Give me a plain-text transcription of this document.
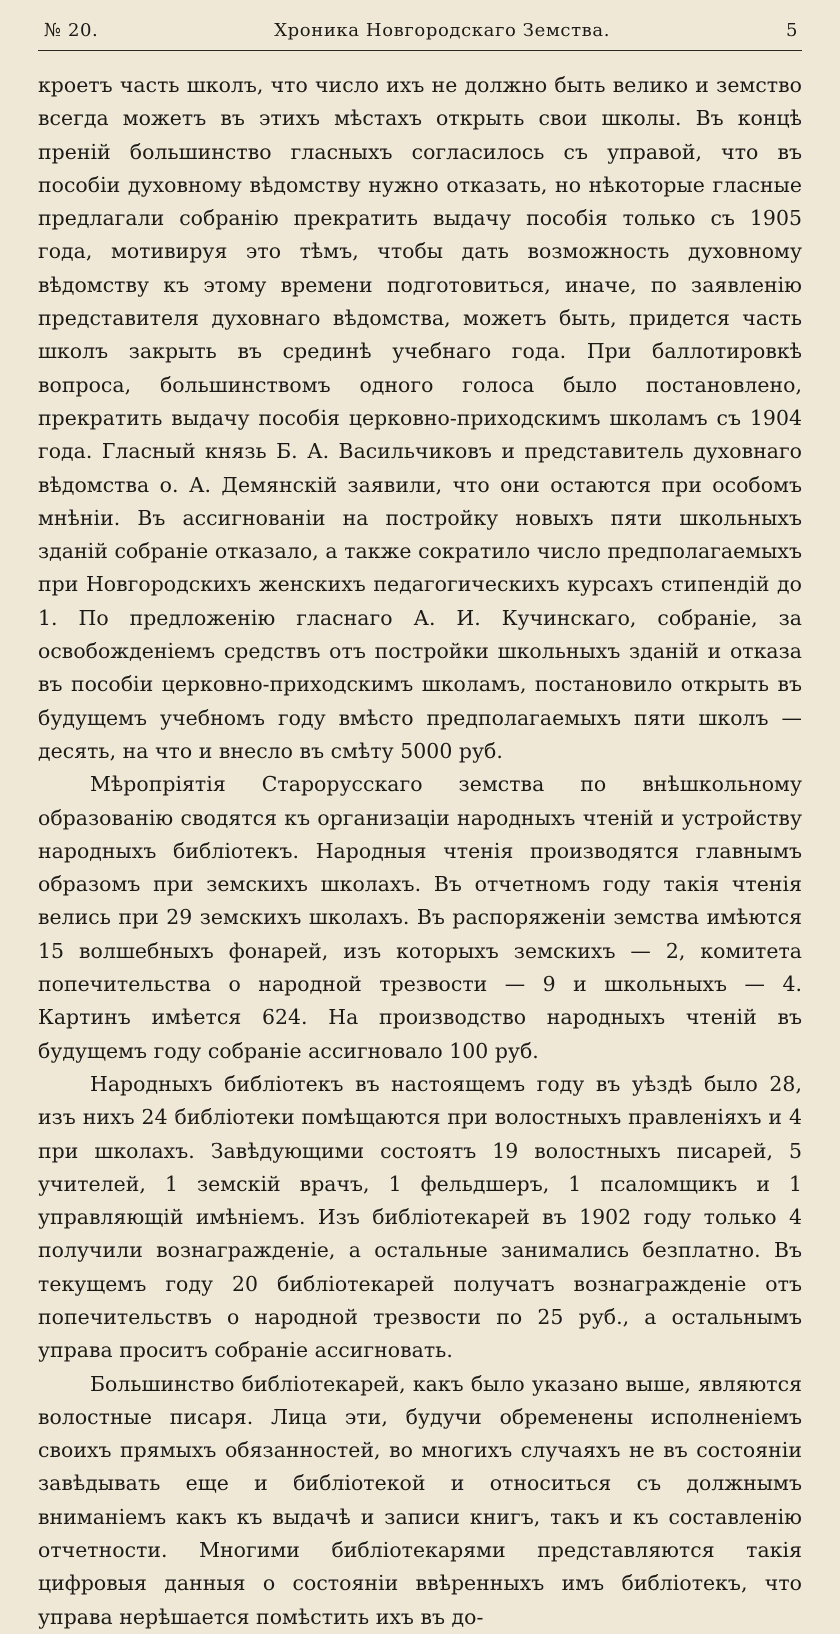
№ 20.	Хроника Новгородскаго Земства.	5

кроетъ часть школъ, что число ихъ не должно быть велико и земство всегда можетъ въ этихъ мѣстахъ открыть свои школы. Въ концѣ преній большинство гласныхъ согласилось съ управой, что въ пособіи духовному вѣдомству нужно отказать, но нѣкоторые гласные предлагали собранію прекратить выдачу пособія только съ 1905 года, мотивируя это тѣмъ, чтобы дать возможность духовному вѣдомству къ этому времени подготовиться, иначе, по заявленію представителя духовнаго вѣдомства, можетъ быть, придется часть школъ закрыть въ срединѣ учебнаго года. При баллотировкѣ вопроса, большинствомъ одного голоса было постановлено, прекратить выдачу пособія церковно-приходскимъ школамъ съ 1904 года. Гласный князь Б. А. Васильчиковъ и представитель духовнаго вѣдомства о. А. Демянскій заявили, что они остаются при особомъ мнѣніи. Въ ассигнованіи на постройку новыхъ пяти школьныхъ зданій собраніе отказало, а также сократило число предполагаемыхъ при Новгородскихъ женскихъ педагогическихъ курсахъ стипендій до 1. По предложенію гласнаго А. И. Кучинскаго, собраніе, за освобожденіемъ средствъ отъ постройки школьныхъ зданій и отказа въ пособіи церковно-приходскимъ школамъ, постановило открыть въ будущемъ учебномъ году вмѣсто предполагаемыхъ пяти школъ — десять, на что и внесло въ смѣту 5000 руб.

Мѣропріятія Старорусскаго земства по внѣшкольному образованію сводятся къ организаціи народныхъ чтеній и устройству народныхъ библіотекъ. Народныя чтенія производятся главнымъ образомъ при земскихъ школахъ. Въ отчетномъ году такія чтенія велись при 29 земскихъ школахъ. Въ распоряженіи земства имѣются 15 волшебныхъ фонарей, изъ которыхъ земскихъ — 2, комитета попечительства о народной трезвости — 9 и школьныхъ — 4. Картинъ имѣется 624. На производство народныхъ чтеній въ будущемъ году собраніе ассигновало 100 руб.

Народныхъ библіотекъ въ настоящемъ году въ уѣздѣ было 28, изъ нихъ 24 библіотеки помѣщаются при волостныхъ правленіяхъ и 4 при школахъ. Завѣдующими состоятъ 19 волостныхъ писарей, 5 учителей, 1 земскій врачъ, 1 фельдшеръ, 1 псаломщикъ и 1 управляющій имѣніемъ. Изъ библіотекарей въ 1902 году только 4 получили вознагражденіе, а остальные занимались безплатно. Въ текущемъ году 20 библіотекарей получатъ вознагражденіе отъ попечительствъ о народной трезвости по 25 руб., а остальнымъ управа проситъ собраніе ассигновать.

Большинство библіотекарей, какъ было указано выше, являются волостные писаря. Лица эти, будучи обременены исполненіемъ своихъ прямыхъ обязанностей, во многихъ случаяхъ не въ состояніи завѣдывать еще и библіотекой и относиться съ должнымъ вниманіемъ какъ къ выдачѣ и записи книгъ, такъ и къ составленію отчетности. Многими библіотекарями представляются такія цифровыя данныя о состояніи ввѣренныхъ имъ библіотекъ, что управа нерѣшается помѣстить ихъ въ до-
